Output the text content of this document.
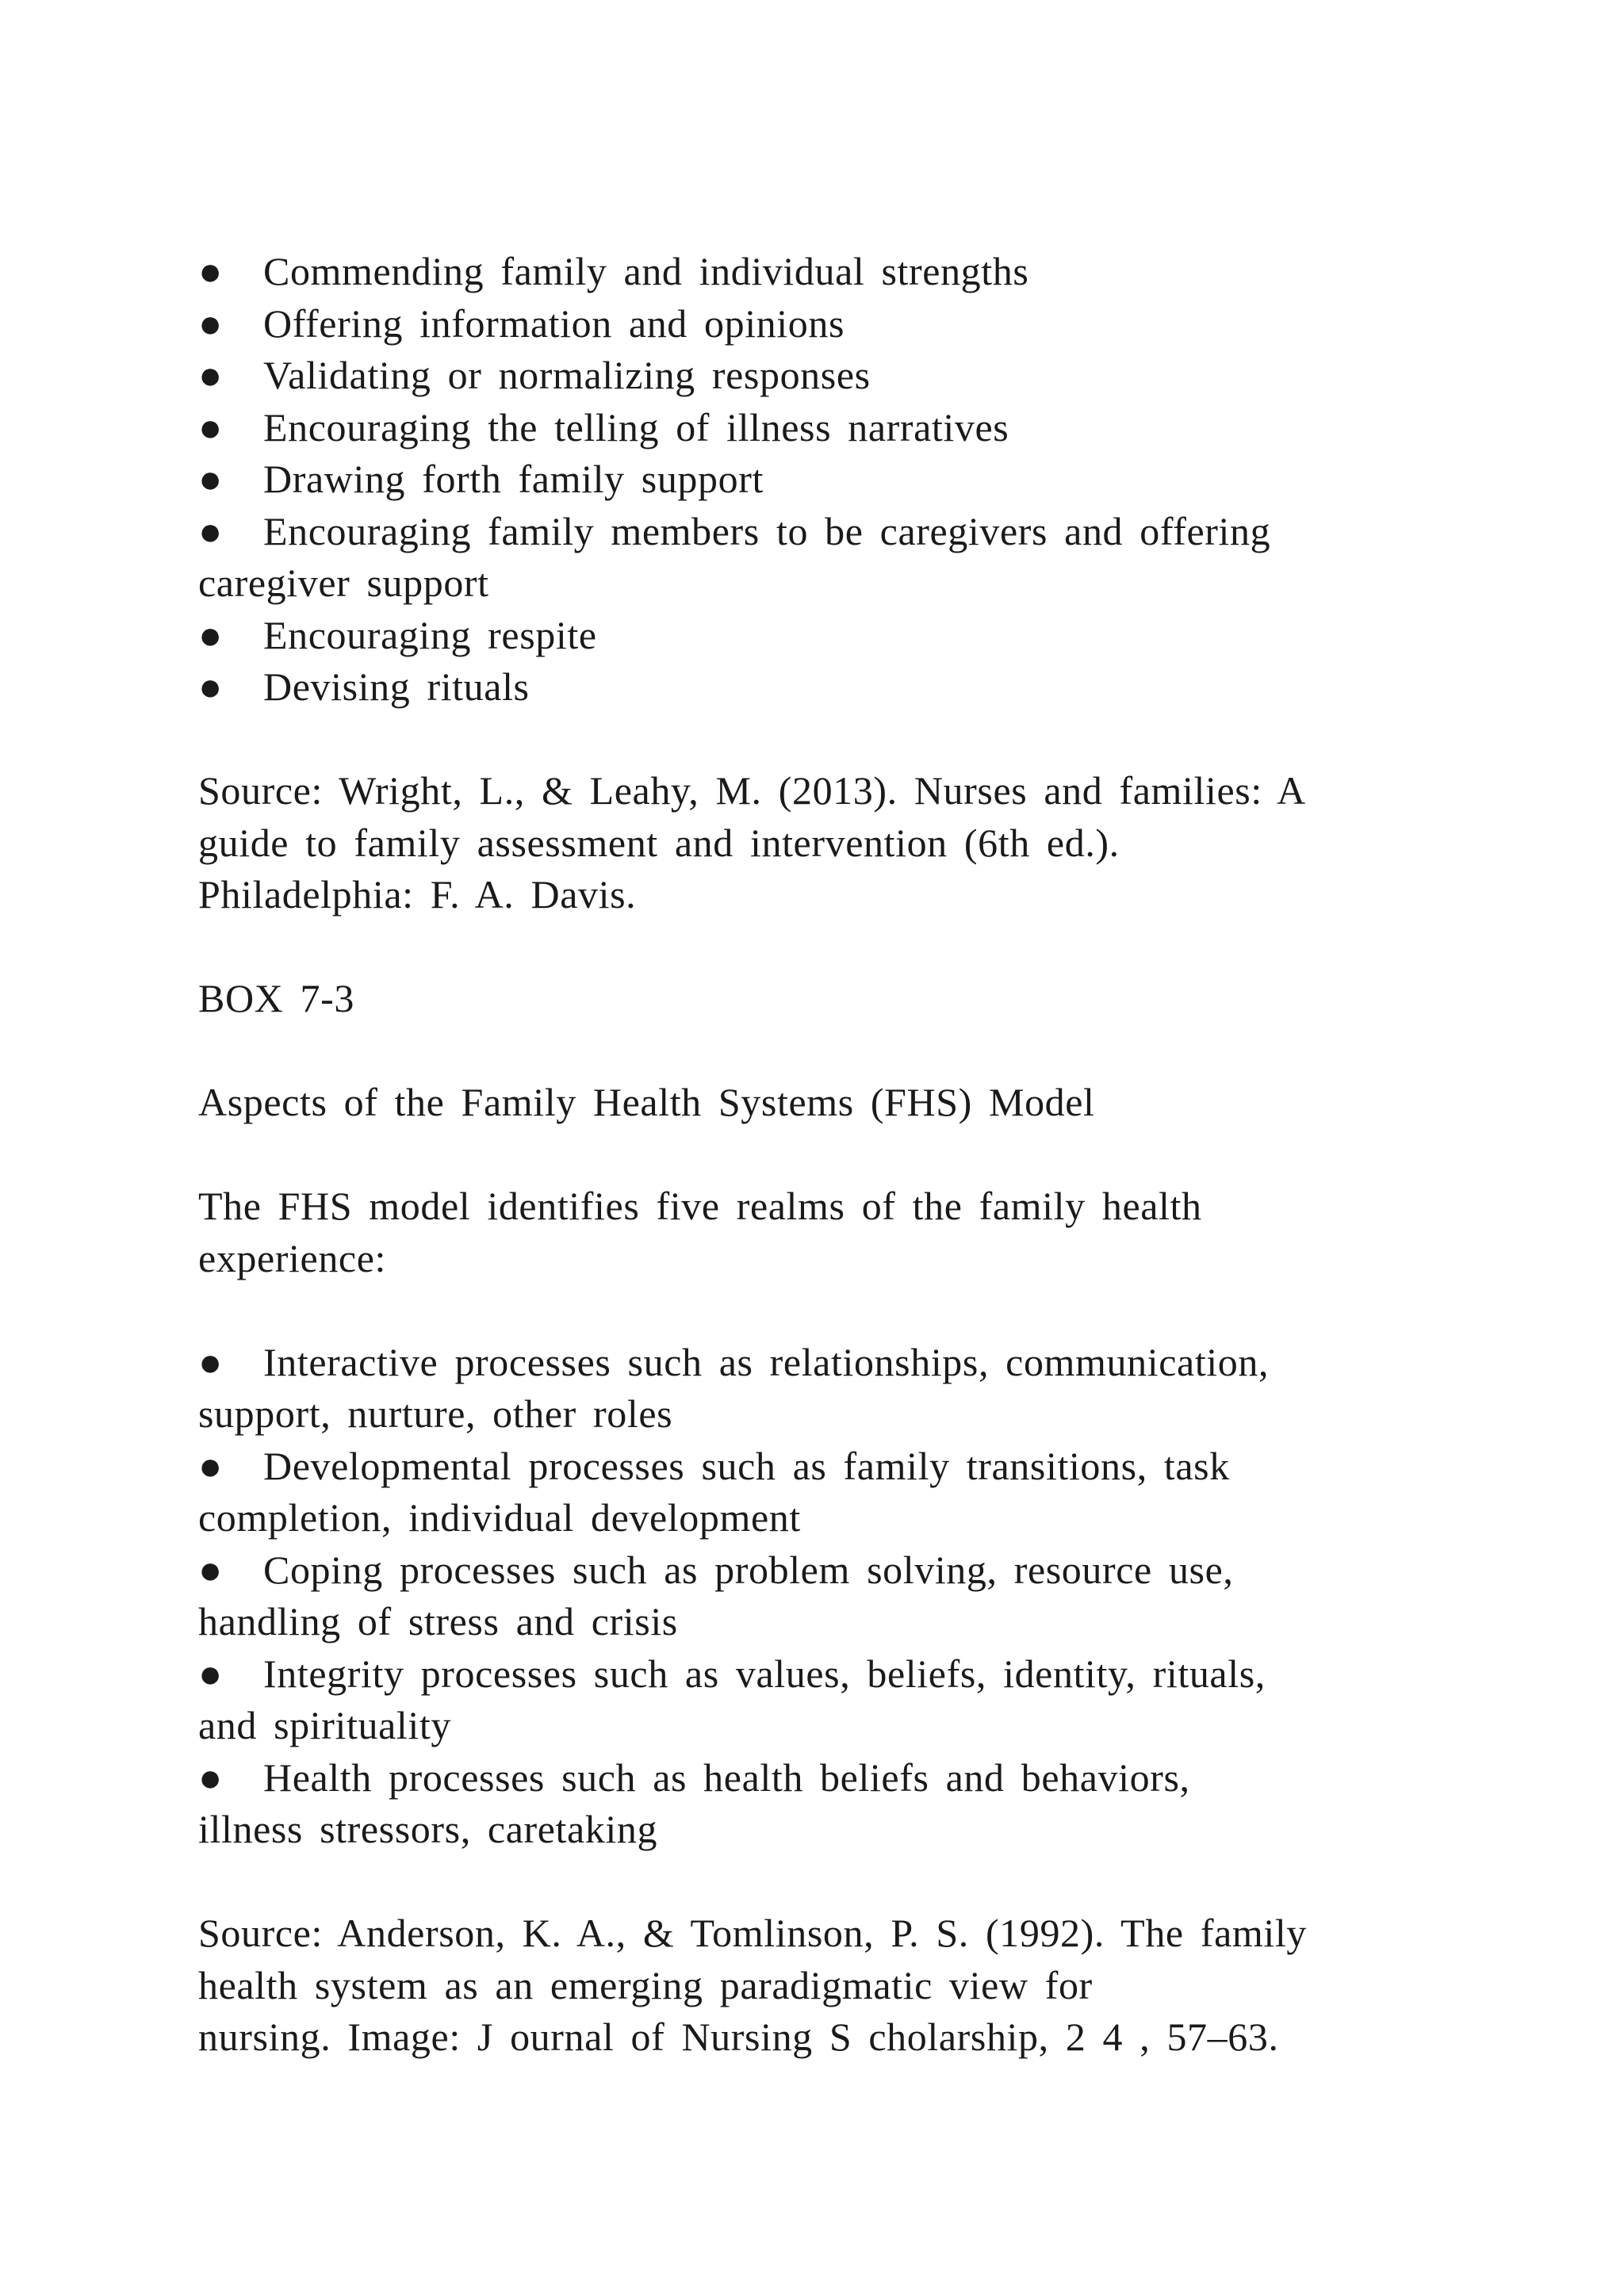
● Commending family and individual strengths
● Offering information and opinions
● Validating or normalizing responses
● Encouraging the telling of illness narratives
● Drawing forth family support
● Encouraging family members to be caregivers and offering
caregiver support
● Encouraging respite
● Devising rituals
Source: Wright, L., & Leahy, M. (2013). Nurses and families: A
guide to family assessment and intervention (6th ed.).
Philadelphia: F. A. Davis.
BOX 7-3
Aspects of the Family Health Systems (FHS) Model
The FHS model identifies five realms of the family health
experience:
● Interactive processes such as relationships, communication,
support, nurture, other roles
● Developmental processes such as family transitions, task
completion, individual development
● Coping processes such as problem solving, resource use,
handling of stress and crisis
● Integrity processes such as values, beliefs, identity, rituals,
and spirituality
● Health processes such as health beliefs and behaviors,
illness stressors, caretaking
Source: Anderson, K. A., & Tomlinson, P. S. (1992). The family
health system as an emerging paradigmatic view for
nursing. Image: J ournal of Nursing S cholarship, 2 4 , 57–63.
